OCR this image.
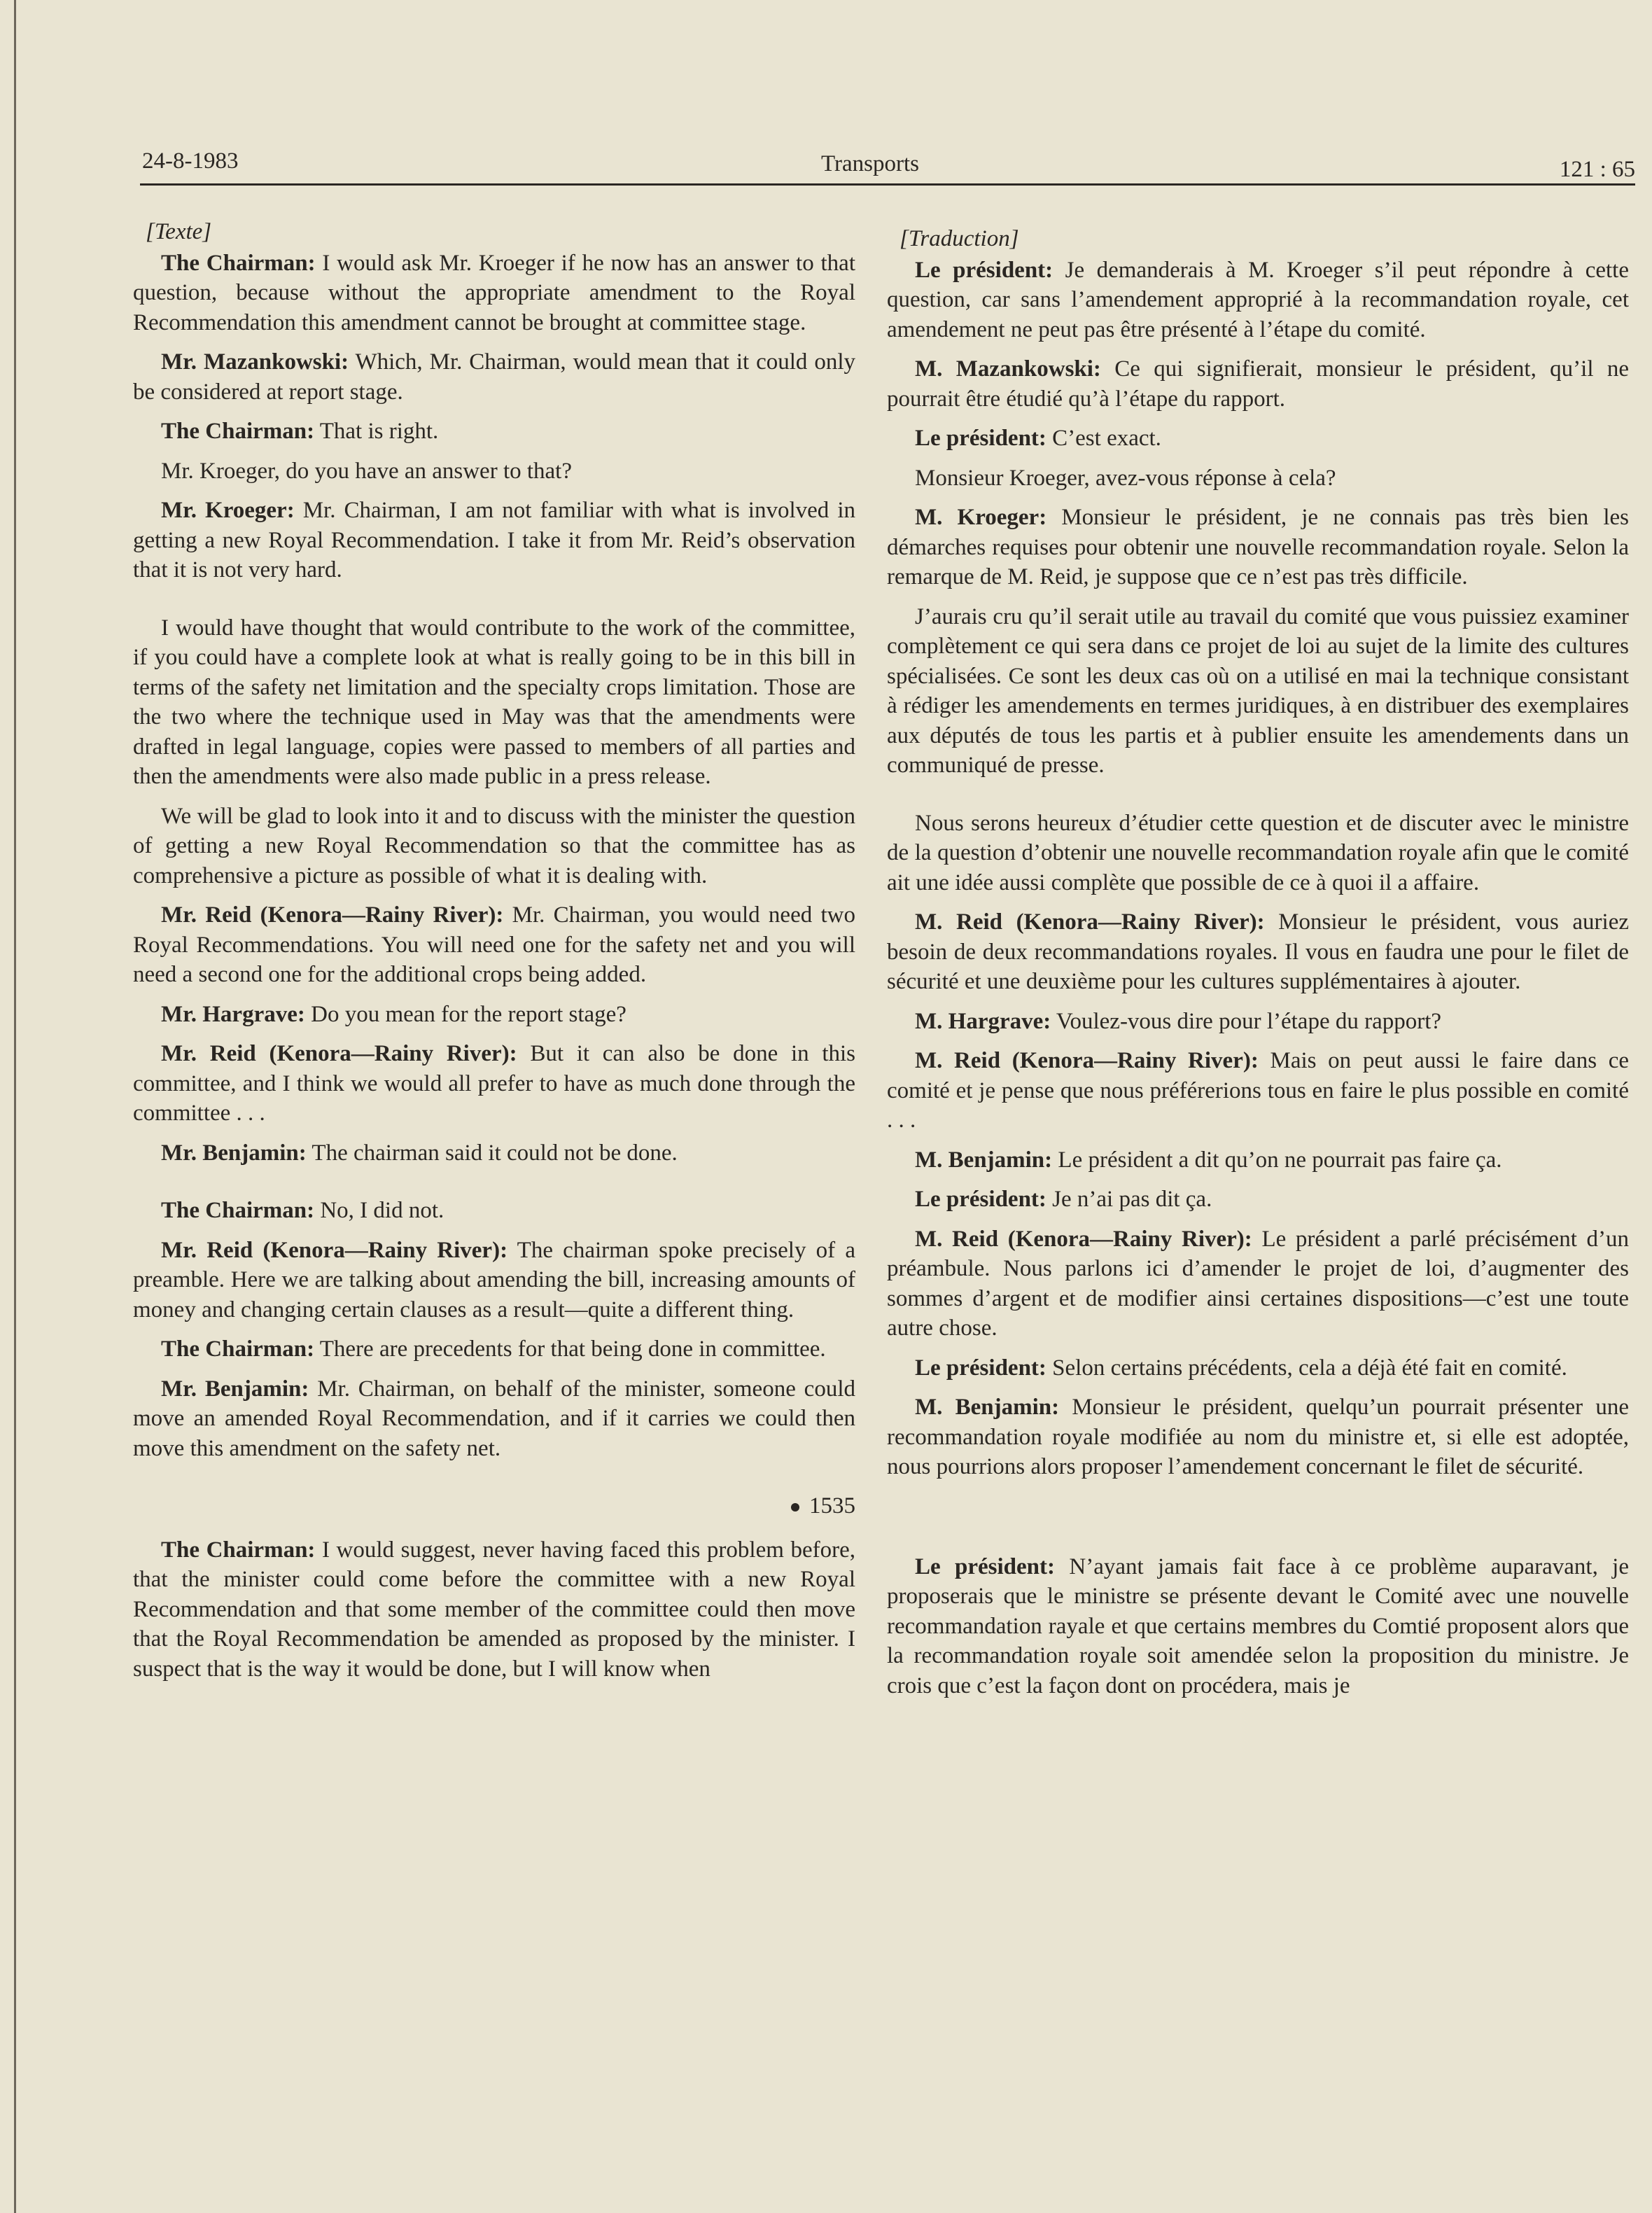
24-8-1983	Transports	121 : 65

[Texte]

The Chairman: I would ask Mr. Kroeger if he now has an answer to that question, because without the appropriate amendment to the Royal Recommendation this amendment cannot be brought at committee stage.

Mr. Mazankowski: Which, Mr. Chairman, would mean that it could only be considered at report stage.

The Chairman: That is right.

Mr. Kroeger, do you have an answer to that?

Mr. Kroeger: Mr. Chairman, I am not familiar with what is involved in getting a new Royal Recommendation. I take it from Mr. Reid’s observation that it is not very hard.

I would have thought that would contribute to the work of the committee, if you could have a complete look at what is really going to be in this bill in terms of the safety net limitation and the specialty crops limitation. Those are the two where the technique used in May was that the amendments were drafted in legal language, copies were passed to members of all parties and then the amendments were also made public in a press release.

We will be glad to look into it and to discuss with the minister the question of getting a new Royal Recommendation so that the committee has as comprehensive a picture as possible of what it is dealing with.

Mr. Reid (Kenora—Rainy River): Mr. Chairman, you would need two Royal Recommendations. You will need one for the safety net and you will need a second one for the additional crops being added.

Mr. Hargrave: Do you mean for the report stage?

Mr. Reid (Kenora—Rainy River): But it can also be done in this committee, and I think we would all prefer to have as much done through the committee . . .

Mr. Benjamin: The chairman said it could not be done.

The Chairman: No, I did not.

Mr. Reid (Kenora—Rainy River): The chairman spoke precisely of a preamble. Here we are talking about amending the bill, increasing amounts of money and changing certain clauses as a result—quite a different thing.

The Chairman: There are precedents for that being done in committee.

Mr. Benjamin: Mr. Chairman, on behalf of the minister, someone could move an amended Royal Recommendation, and if it carries we could then move this amendment on the safety net.

1535

The Chairman: I would suggest, never having faced this problem before, that the minister could come before the committee with a new Royal Recommendation and that some member of the committee could then move that the Royal Recommendation be amended as proposed by the minister. I suspect that is the way it would be done, but I will know when

[Traduction]

Le président: Je demanderais à M. Kroeger s’il peut répondre à cette question, car sans l’amendement approprié à la recommandation royale, cet amendement ne peut pas être présenté à l’étape du comité.

M. Mazankowski: Ce qui signifierait, monsieur le président, qu’il ne pourrait être étudié qu’à l’étape du rapport.

Le président: C’est exact.

Monsieur Kroeger, avez-vous réponse à cela?

M. Kroeger: Monsieur le président, je ne connais pas très bien les démarches requises pour obtenir une nouvelle recommandation royale. Selon la remarque de M. Reid, je suppose que ce n’est pas très difficile.

J’aurais cru qu’il serait utile au travail du comité que vous puissiez examiner complètement ce qui sera dans ce projet de loi au sujet de la limite des cultures spécialisées. Ce sont les deux cas où on a utilisé en mai la technique consistant à rédiger les amendements en termes juridiques, à en distribuer des exemplaires aux députés de tous les partis et à publier ensuite les amendements dans un communiqué de presse.

Nous serons heureux d’étudier cette question et de discuter avec le ministre de la question d’obtenir une nouvelle recommandation royale afin que le comité ait une idée aussi complète que possible de ce à quoi il a affaire.

M. Reid (Kenora—Rainy River): Monsieur le président, vous auriez besoin de deux recommandations royales. Il vous en faudra une pour le filet de sécurité et une deuxième pour les cultures supplémentaires à ajouter.

M. Hargrave: Voulez-vous dire pour l’étape du rapport?

M. Reid (Kenora—Rainy River): Mais on peut aussi le faire dans ce comité et je pense que nous préférerions tous en faire le plus possible en comité . . .

M. Benjamin: Le président a dit qu’on ne pourrait pas faire ça.

Le président: Je n’ai pas dit ça.

M. Reid (Kenora—Rainy River): Le président a parlé précisément d’un préambule. Nous parlons ici d’amender le projet de loi, d’augmenter des sommes d’argent et de modifier ainsi certaines dispositions—c’est une toute autre chose.

Le président: Selon certains précédents, cela a déjà été fait en comité.

M. Benjamin: Monsieur le président, quelqu’un pourrait présenter une recommandation royale modifiée au nom du ministre et, si elle est adoptée, nous pourrions alors proposer l’amendement concernant le filet de sécurité.

Le président: N’ayant jamais fait face à ce problème auparavant, je proposerais que le ministre se présente devant le Comité avec une nouvelle recommandation rayale et que certains membres du Comtié proposent alors que la recommandation royale soit amendée selon la proposition du ministre. Je crois que c’est la façon dont on procédera, mais je
